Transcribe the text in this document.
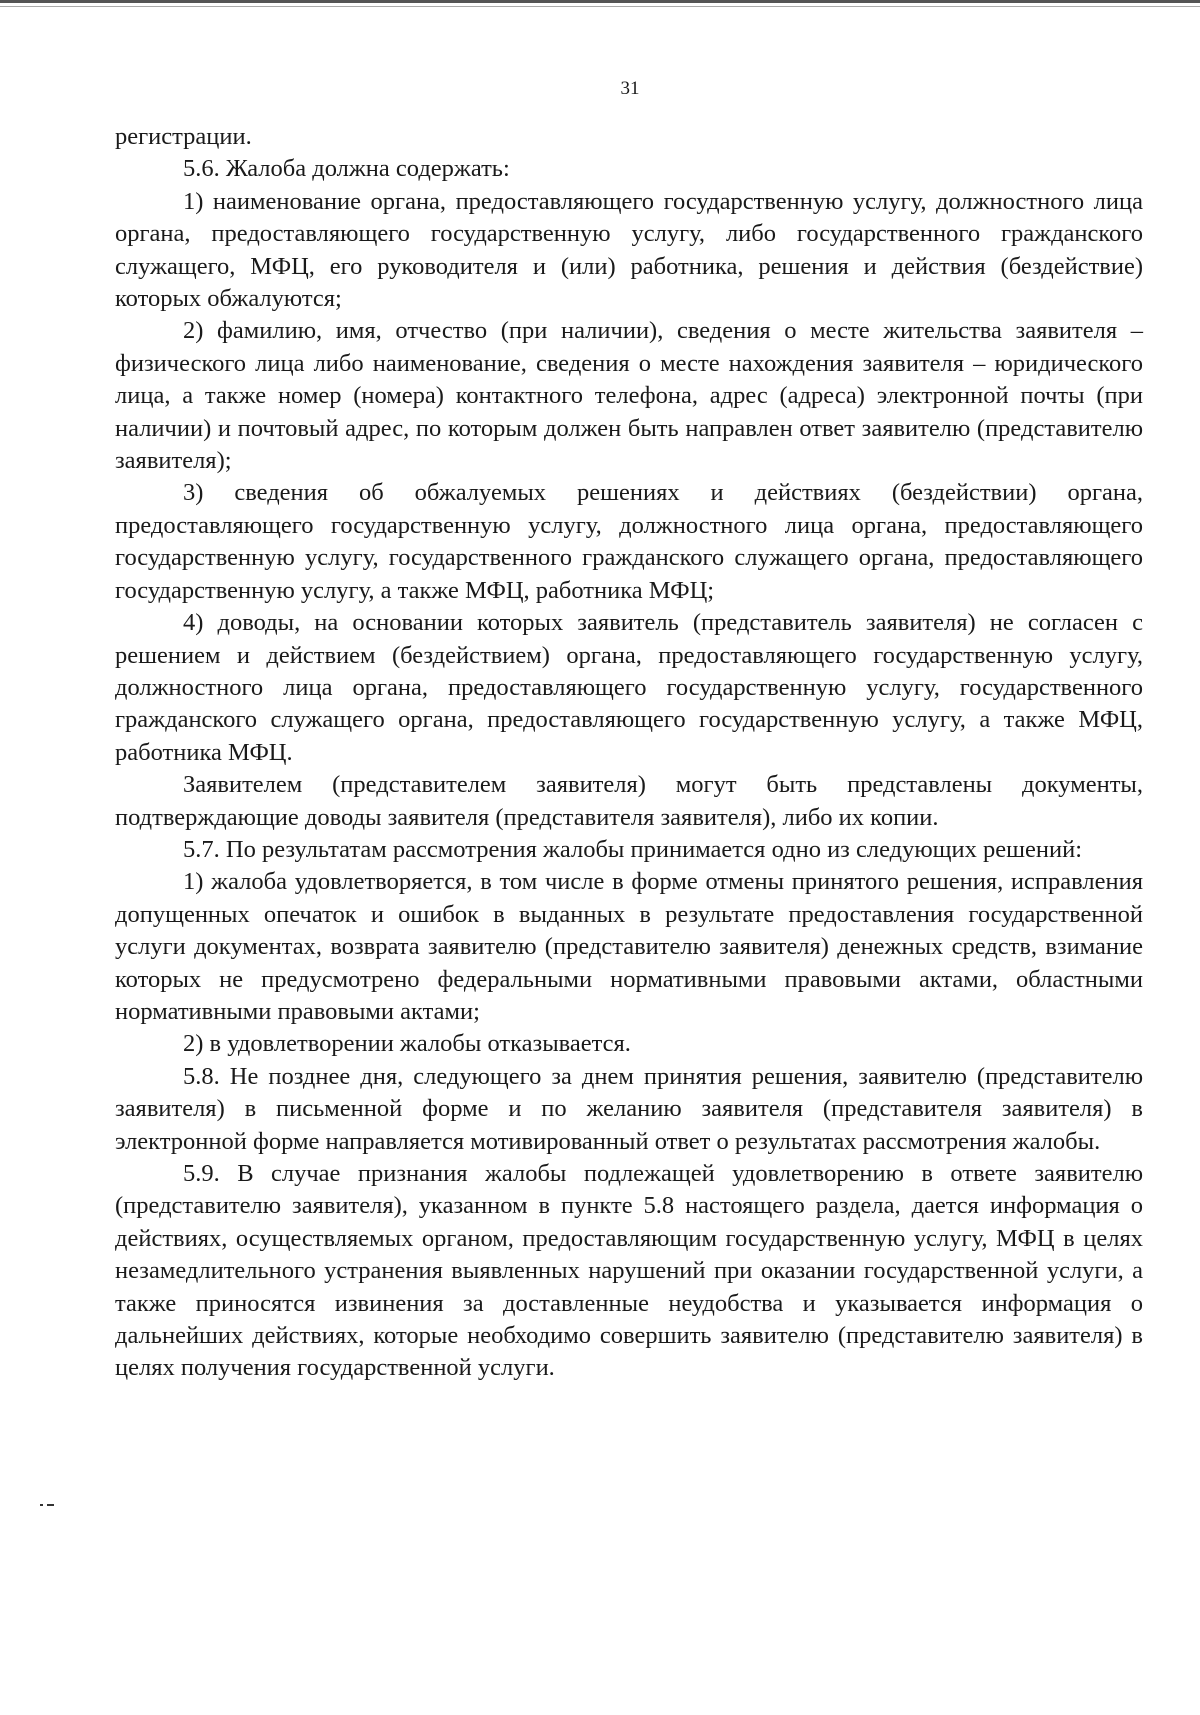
31

регистрации.

5.6. Жалоба должна содержать:

1) наименование органа, предоставляющего государственную услугу, должностного лица органа, предоставляющего государственную услугу, либо государственного гражданского служащего, МФЦ, его руководителя и (или) работника, решения и действия (бездействие) которых обжалуются;

2) фамилию, имя, отчество (при наличии), сведения о месте жительства заявителя – физического лица либо наименование, сведения о месте нахождения заявителя – юридического лица, а также номер (номера) контактного телефона, адрес (адреса) электронной почты (при наличии) и почтовый адрес, по которым должен быть направлен ответ заявителю (представителю заявителя);

3) сведения об обжалуемых решениях и действиях (бездействии) органа, предоставляющего государственную услугу, должностного лица органа, предоставляющего государственную услугу, государственного гражданского служащего органа, предоставляющего государственную услугу, а также МФЦ, работника МФЦ;

4) доводы, на основании которых заявитель (представитель заявителя) не согласен с решением и действием (бездействием) органа, предоставляющего государственную услугу, должностного лица органа, предоставляющего государственную услугу, государственного гражданского служащего органа, предоставляющего государственную услугу, а также МФЦ, работника МФЦ.

Заявителем (представителем заявителя) могут быть представлены документы, подтверждающие доводы заявителя (представителя заявителя), либо их копии.

5.7. По результатам рассмотрения жалобы принимается одно из следующих решений:

1) жалоба удовлетворяется, в том числе в форме отмены принятого решения, исправления допущенных опечаток и ошибок в выданных в результате предоставления государственной услуги документах, возврата заявителю (представителю заявителя) денежных средств, взимание которых не предусмотрено федеральными нормативными правовыми актами, областными нормативными правовыми актами;

2) в удовлетворении жалобы отказывается.

5.8. Не позднее дня, следующего за днем принятия решения, заявителю (представителю заявителя) в письменной форме и по желанию заявителя (представителя заявителя) в электронной форме направляется мотивированный ответ о результатах рассмотрения жалобы.

5.9. В случае признания жалобы подлежащей удовлетворению в ответе заявителю (представителю заявителя), указанном в пункте 5.8 настоящего раздела, дается информация о действиях, осуществляемых органом, предоставляющим государственную услугу, МФЦ в целях незамедлительного устранения выявленных нарушений при оказании государственной услуги, а также приносятся извинения за доставленные неудобства и указывается информация о дальнейших действиях, которые необходимо совершить заявителю (представителю заявителя) в целях получения государственной услуги.
